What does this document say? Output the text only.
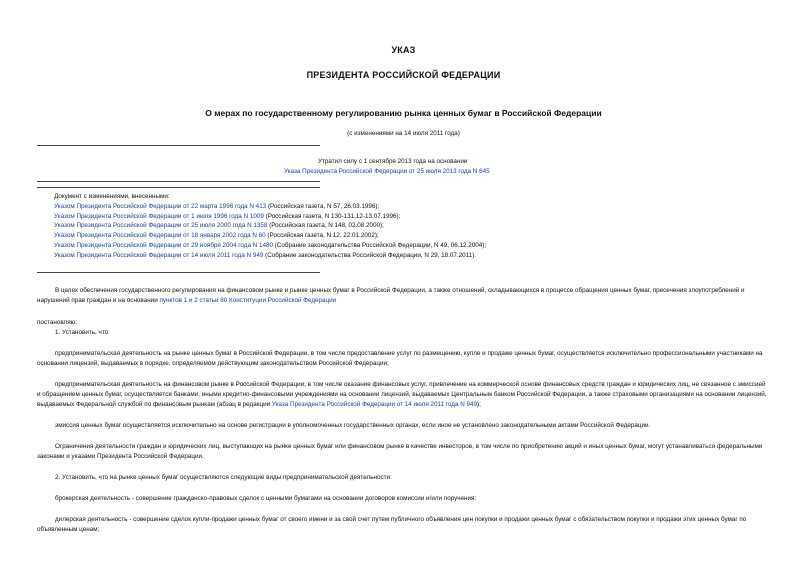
УКАЗ
ПРЕЗИДЕНТА РОССИЙСКОЙ ФЕДЕРАЦИИ
О мерах по государственному регулированию рынка ценных бумаг в Российской Федерации
(с изменениями на 14 июля 2011 года)
Утратил силу с 1 сентября 2013 года на основании
Указа Президента Российской Федерации от 25 июля 2013 года N 645
Документ с изменениями, внесенными:
Указом Президента Российской Федерации от 22 марта 1996 года N 413 (Российская газета, N 57, 26.03.1996);
Указом Президента Российской Федерации от 1 июля 1996 года N 1009 (Российская газета, N 130-131,12-13.07.1996);
Указом Президента Российской Федерации от 25 июля 2000 года N 1358 (Российская газета, N 148, 02.08.2000);
Указом Президента Российской Федерации от 18 января 2002 года N 60 (Российская газета, N 12, 22.01.2002);
Указом Президента Российской Федерации от 29 ноября 2004 года N 1480 (Собрание законодательства Российской Федерации, N 49, 06.12.2004);
Указом Президента Российской Федерации от 14 июля 2011 года N 949 (Собрание законодательства Российской Федерации, N 29, 18.07.2011).
В целях обеспечения государственного регулирования на финансовом рынке и рынке ценных бумаг в Российской Федерации, а также отношений, складывающихся в процессе обращения ценных бумаг, пресечения злоупотреблений и нарушений прав граждан и на основании пунктов 1 и 2 статьи 80 Конституции Российской Федерации
постановляю:
1. Установить, что:
предпринимательская деятельность на рынке ценных бумаг в Российской Федерации, в том числе предоставление услуг по размещению, купле и продаже ценных бумаг, осуществляется исключительно профессиональными участниками на основании лицензий, выдаваемых в порядке, определяемом действующим законодательством Российской Федерации;
предпринимательская деятельность на финансовом рынке в Российской Федерации, в том числе оказание финансовых услуг, привлечение на коммерческой основе финансовых средств граждан и юридических лиц, не связанное с эмиссией и обращением ценных бумаг, осуществляется банками, иными кредитно-финансовыми учреждениями на основании лицензий, выдаваемых Центральным банком Российской Федерации, а также страховыми организациями на основании лицензий, выдаваемых Федеральной службой по финансовым рынкам (абзац в редакции Указа Президента Российской Федерации от 14 июля 2011 года N 949);
эмиссия ценных бумаг осуществляется исключительно на основе регистрации в уполномоченных государственных органах, если иное не установлено законодательными актами Российской Федерации.
Ограничения деятельности граждан и юридических лиц, выступающих на рынке ценных бумаг или финансовом рынке в качестве инвесторов, в том числе по приобретению акций и иных ценных бумаг, могут устанавливаться федеральными законами и указами Президента Российской Федерации.
2. Установить, что на рынке ценных бумаг осуществляются следующие виды предпринимательской деятельности:
брокерская деятельность - совершение гражданско-правовых сделок с ценными бумагами на основании договоров комиссии и/или поручения;
дилерская деятельность - совершение сделок купли-продажи ценных бумаг от своего имени и за свой счет путем публичного объявления цен покупки и продажи ценных бумаг с обязательством покупки и продажи этих ценных бумаг по объявленным ценам;
